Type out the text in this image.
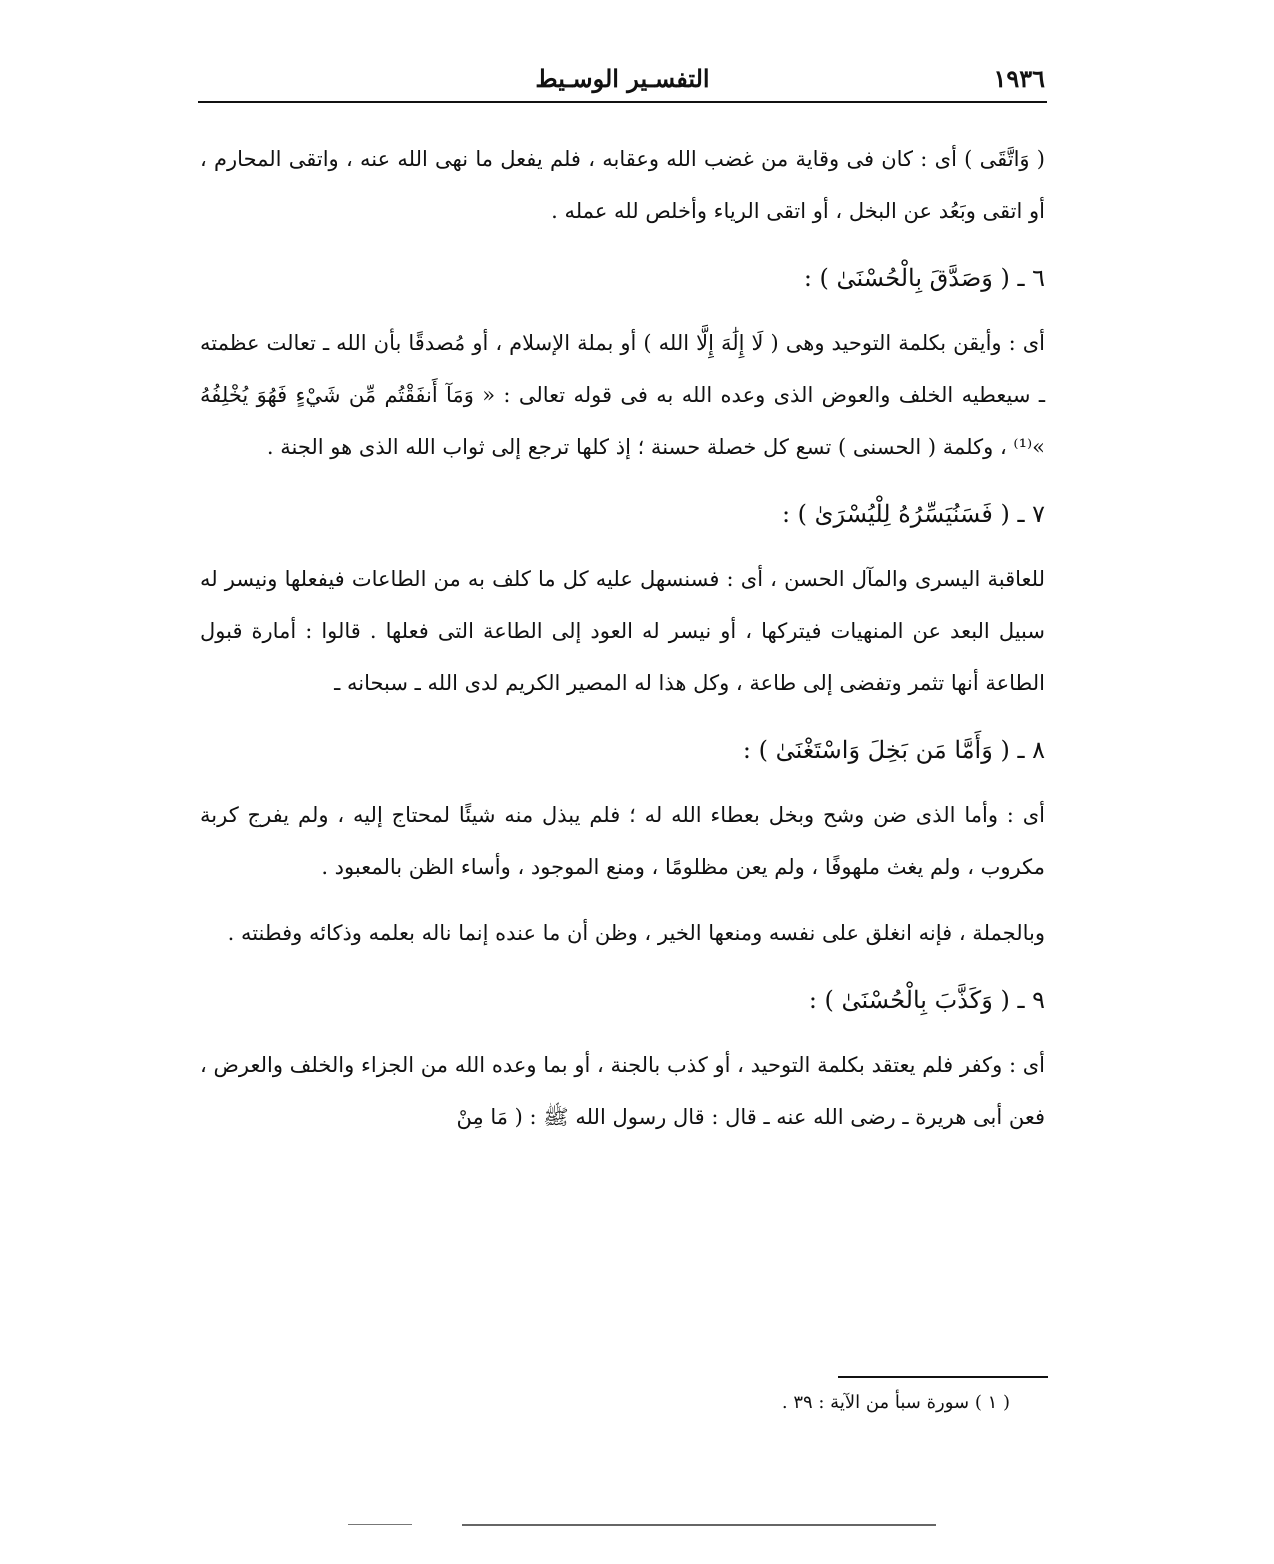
١٩٣٦
التفسـير الوسـيط

( وَاتَّقَى ) أى : كان فى وقاية من غضب الله وعقابه ، فلم يفعل ما نهى الله عنه ، واتقى المحارم ، أو اتقى وبَعُد عن البخل ، أو اتقى الرياء وأخلص لله عمله .

٦ ـ ( وَصَدَّقَ بِالْحُسْنَىٰ ) :

أى : وأيقن بكلمة التوحيد وهى ( لَا إِلَٰهَ إِلَّا الله ) أو بملة الإسلام ، أو مُصدقًا بأن الله ـ تعالت عظمته ـ سيعطيه الخلف والعوض الذى وعده الله به فى قوله تعالى : « وَمَآ أَنفَقْتُم مِّن شَيْءٍ فَهُوَ يُخْلِفُهُ »⁽¹⁾ ، وكلمة ( الحسنى ) تسع كل خصلة حسنة ؛ إذ كلها ترجع إلى ثواب الله الذى هو الجنة .

٧ ـ ( فَسَنُيَسِّرُهُ لِلْيُسْرَىٰ ) :

للعاقبة اليسرى والمآل الحسن ، أى : فسنسهل عليه كل ما كلف به من الطاعات فيفعلها ونيسر له سبيل البعد عن المنهيات فيتركها ، أو نيسر له العود إلى الطاعة التى فعلها . قالوا : أمارة قبول الطاعة أنها تثمر وتفضى إلى طاعة ، وكل هذا له المصير الكريم لدى الله ـ سبحانه ـ

٨ ـ ( وَأَمَّا مَن بَخِلَ وَاسْتَغْنَىٰ ) :

أى : وأما الذى ضن وشح وبخل بعطاء الله له ؛ فلم يبذل منه شيئًا لمحتاج إليه ، ولم يفرج كربة مكروب ، ولم يغث ملهوفًا ، ولم يعن مظلومًا ، ومنع الموجود ، وأساء الظن بالمعبود .

وبالجملة ، فإنه انغلق على نفسه ومنعها الخير ، وظن أن ما عنده إنما ناله بعلمه وذكائه وفطنته .

٩ ـ ( وَكَذَّبَ بِالْحُسْنَىٰ ) :

أى : وكفر فلم يعتقد بكلمة التوحيد ، أو كذب بالجنة ، أو بما وعده الله من الجزاء والخلف والعرض ، فعن أبى هريرة ـ رضى الله عنه ـ قال : قال رسول الله ﷺ : ( مَا مِنْ

( ١ ) سورة سبأ من الآية : ٣٩ .
